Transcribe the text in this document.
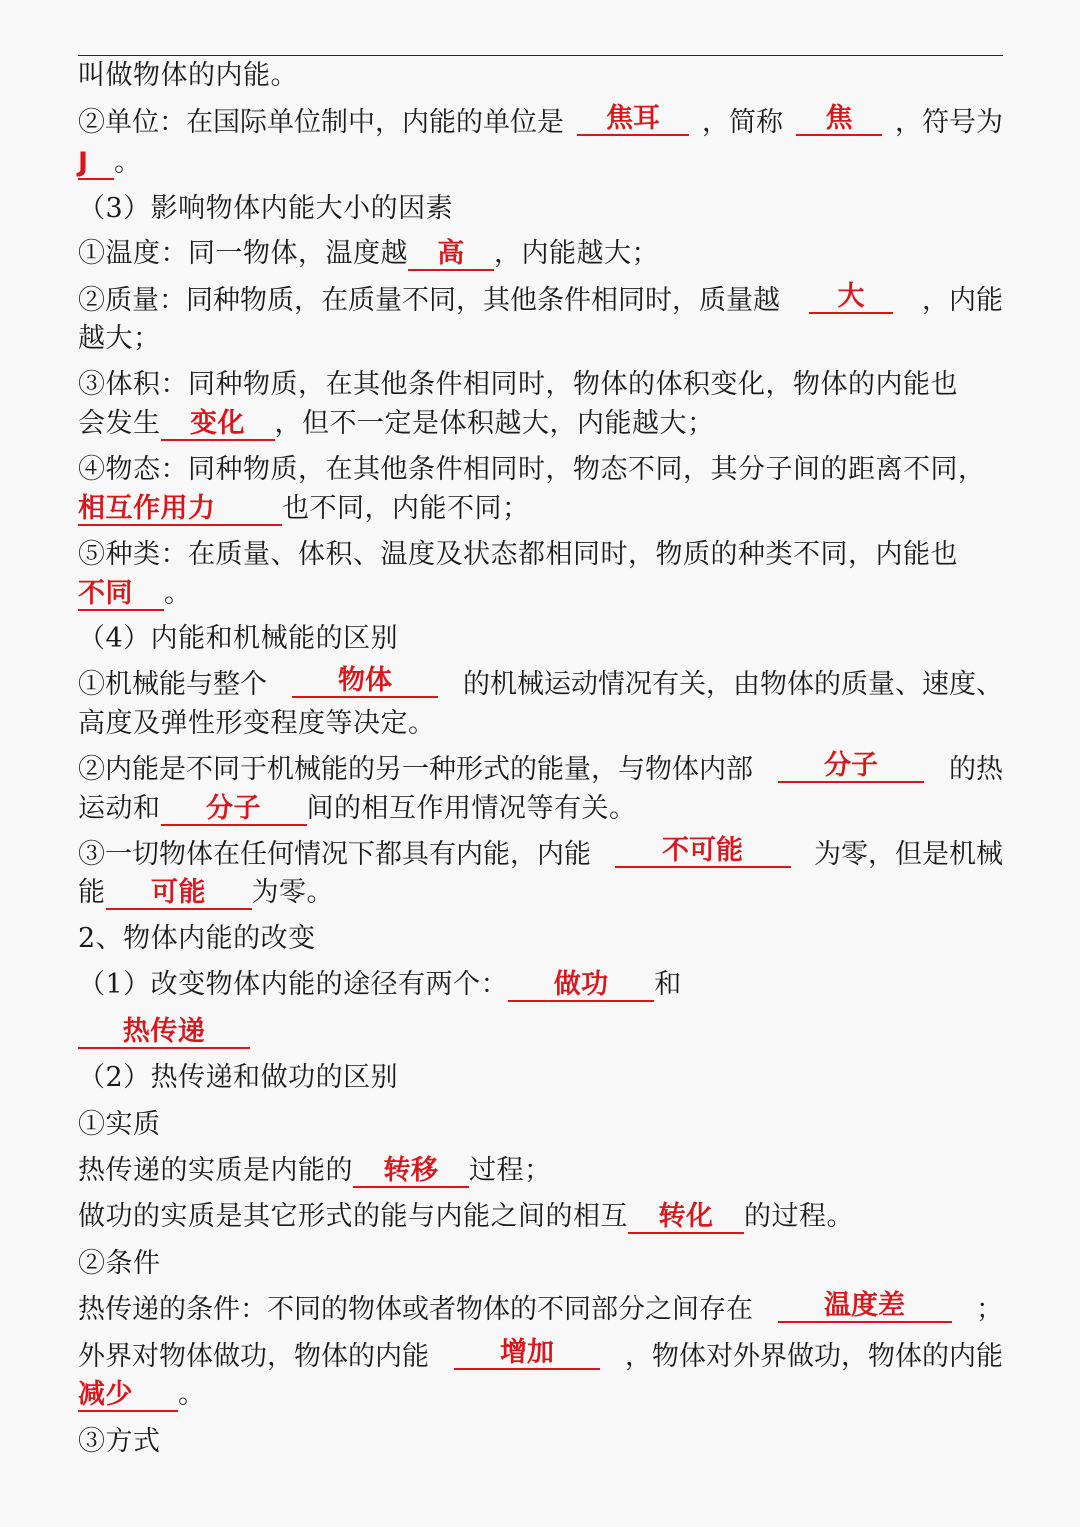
叫做物体的内能。
②单位：在国际单位制中，内能的单位是	焦耳	，简称	焦	，符号为
J 。
（3）影响物体内能大小的因素
①温度：同一物体，温度越 高 ，内能越大；
②质量：同种物质，在质量不同，其他条件相同时，质量越	大	，内能
越大；
③体积：同种物质，在其他条件相同时，物体的体积变化，物体的内能也
会发生 变化 ，但不一定是体积越大，内能越大；
④物态：同种物质，在其他条件相同时，物态不同，其分子间的距离不同，
相互作用力 也不同，内能不同；
⑤种类：在质量、体积、温度及状态都相同时，物质的种类不同，内能也
不同 。
（4）内能和机械能的区别
①机械能与整个	物体	的机械运动情况有关，由物体的质量、速度、
高度及弹性形变程度等决定。
②内能是不同于机械能的另一种形式的能量，与物体内部	分子	的热
运动和 分子 间的相互作用情况等有关。
③一切物体在任何情况下都具有内能，内能	不可能	为零，但是机械
能 可能 为零。
2、物体内能的改变
（1）改变物体内能的途径有两个： 做功 和
热传递
（2）热传递和做功的区别
①实质
热传递的实质是内能的 转移 过程；
做功的实质是其它形式的能与内能之间的相互 转化 的过程。
②条件
热传递的条件：不同的物体或者物体的不同部分之间存在	温度差	；
外界对物体做功，物体的内能	增加	，物体对外界做功，物体的内能
减少 。
③方式
